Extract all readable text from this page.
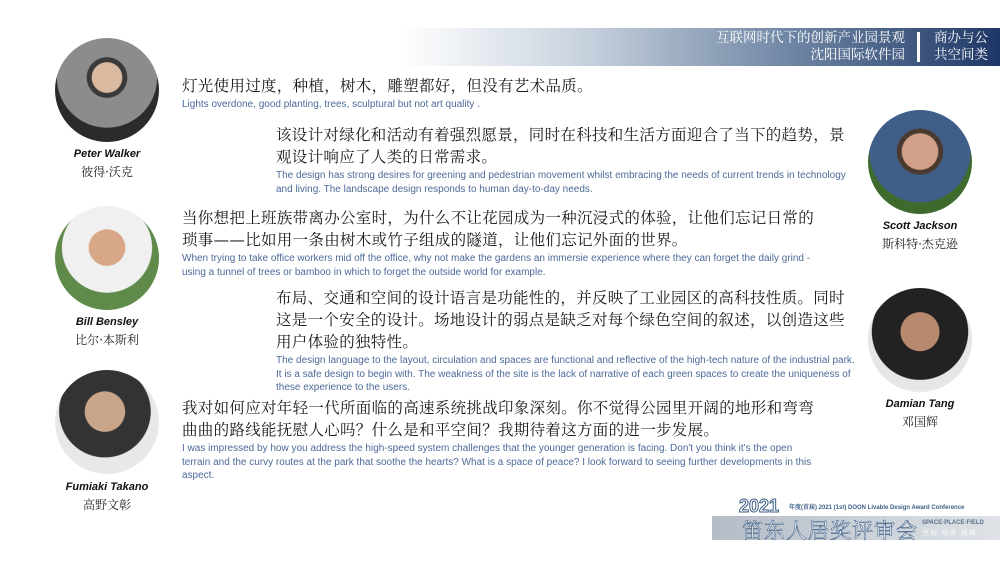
互联网时代下的创新产业园景观
沈阳国际软件园
商办与公
共空间类
Peter Walker
彼得·沃克
Bill Bensley
比尔·本斯利
Fumiaki Takano
高野文彰
Scott Jackson
斯科特·杰克逊
Damian Tang
邓国辉
灯光使用过度，种植，树木，雕塑都好，但没有艺术品质。
Lights overdone, good planting, trees, sculptural but not art quality .
该设计对绿化和活动有着强烈愿景，同时在科技和生活方面迎合了当下的趋势，景观设计响应了人类的日常需求。
The design has strong desires for greening and pedestrian movement whilst embracing the needs of current trends in technology and living. The landscape design responds to human day-to-day needs.
当你想把上班族带离办公室时，为什么不让花园成为一种沉浸式的体验，让他们忘记日常的琐事——比如用一条由树木或竹子组成的隧道，让他们忘记外面的世界。
When trying to take office workers mid off the office, why not make the gardens an immersie experience where they can forget the daily grind - using a tunnel of trees or bamboo in which to forget the outside world for example.
布局、交通和空间的设计语言是功能性的，并反映了工业园区的高科技性质。同时这是一个安全的设计。场地设计的弱点是缺乏对每个绿色空间的叙述，以创造这些用户体验的独特性。
The design language to the layout, circulation and spaces are functional and reflective of the high-tech nature of the industrial park. It is a safe design to begin with. The weakness of the site is the lack of narrative of each green spaces to create the uniqueness of these experience to the users.
我对如何应对年轻一代所面临的高速系统挑战印象深刻。你不觉得公园里开阔的地形和弯弯曲曲的路线能抚慰人心吗？什么是和平空间？我期待着这方面的进一步发展。
I was impressed by how you address the high-speed system challenges that the younger generation is facing. Don't you think it's the open terrain and the curvy routes at the park that soothe the hearts? What is a space of peace? I look forward to seeing further developments in this aspect.
2021 年度(首届) 2021 (1st) DOON Livable Design Award Conference
笛东人居奖评审会 SPACE·PLACE·FIELD
空间 场所 场域
